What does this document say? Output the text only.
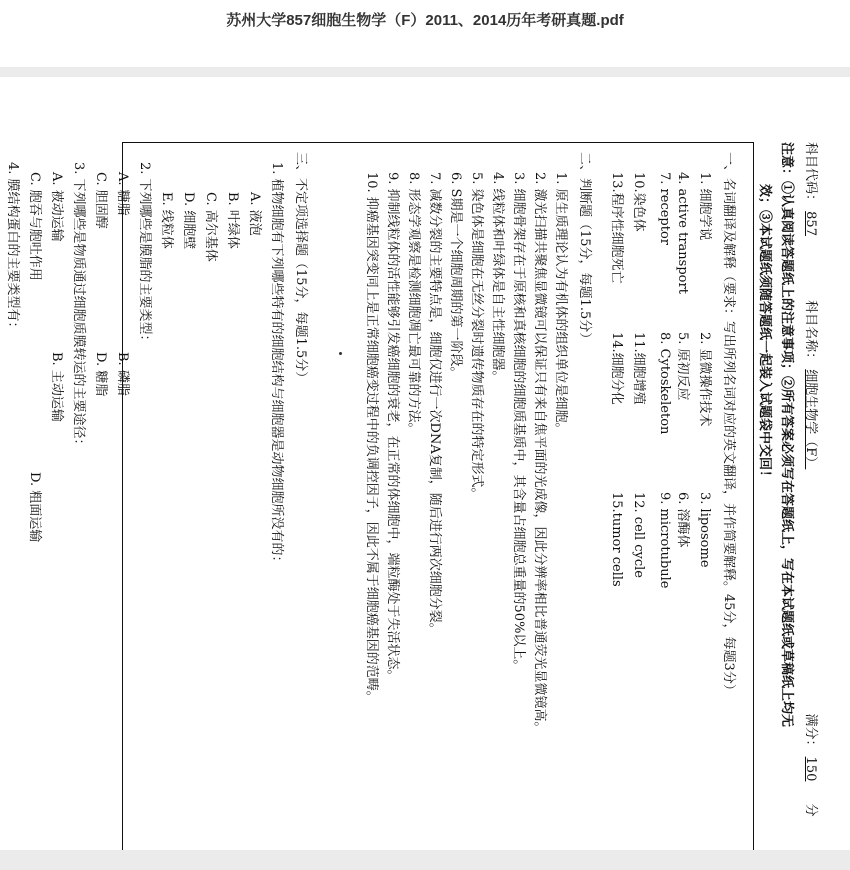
苏州大学857细胞生物学（F）2011、2014历年考研真题.pdf
科目代码： 857 科目名称： 细胞生物学（F） 满分： 150 分
注意：①认真阅读答题纸上的注意事项；②所有答案必须写在答题纸上，写在本试题纸或草稿纸上均无
效；③本试题纸须随答题纸一起装入试题袋中交回！
一、名词翻译及解释（要求：写出所列名词对应的英文翻译，并作简要解释。45分，每题3分）
1. 细胞学说2. 显微操作技术3. liposome
4. active transport5. 原初反应6. 溶酶体
7. receptor8. Cytoskeleton9. microtubule
10.染色体11.细胞增殖12. cell cycle
13.程序性细胞死亡14.细胞分化15.tumor cells
二、判断题（15分，每题1.5分）
1. 原生质理论认为有机体的组织单位是细胞。
2. 激光扫描共聚焦显微镜可以保证只有来自焦平面的光成像，因此分辨率相比普通荧光显微镜高。
3. 细胞骨架存在于原核和真核细胞的细胞质基质中，其含量占细胞总重量的50%以上。
4. 线粒体和叶绿体是自主性细胞器。
5. 染色体是细胞在无丝分裂时遗传物质存在的特定形式。
6. S期是一个细胞周期的第一阶段。
7. 减数分裂的主要特点是，细胞仅进行一次DNA复制，随后进行两次细胞分裂。
8. 形态学观察是检测细胞凋亡最可靠的方法。
9. 抑制线粒体的活性能够引发癌细胞的衰老，在正常的体细胞中，端粒酶处于失活状态。
10. 抑癌基因突变同上是正常细胞癌变过程中的负调控因子，因此不属于细胞癌基因的范畴。
三、不定项选择题（15分，每题1.5分）
1. 植物细胞有下列哪些特有的细胞结构与细胞器是动物细胞所没有的：
A. 液泡
B. 叶绿体
C. 高尔基体
D. 细胞壁
E. 线粒体
2. 下列哪些是膜脂的主要类型：
A. 糖脂B. 磷脂
C. 胆固醇D. 糖脂
3. 下列哪些是物质通过细胞质膜转运的主要途径：
A. 被动运输B. 主动运输
C. 胞吞与胞吐作用D. 粗面运输
4. 膜结构蛋白的主要类型有：
